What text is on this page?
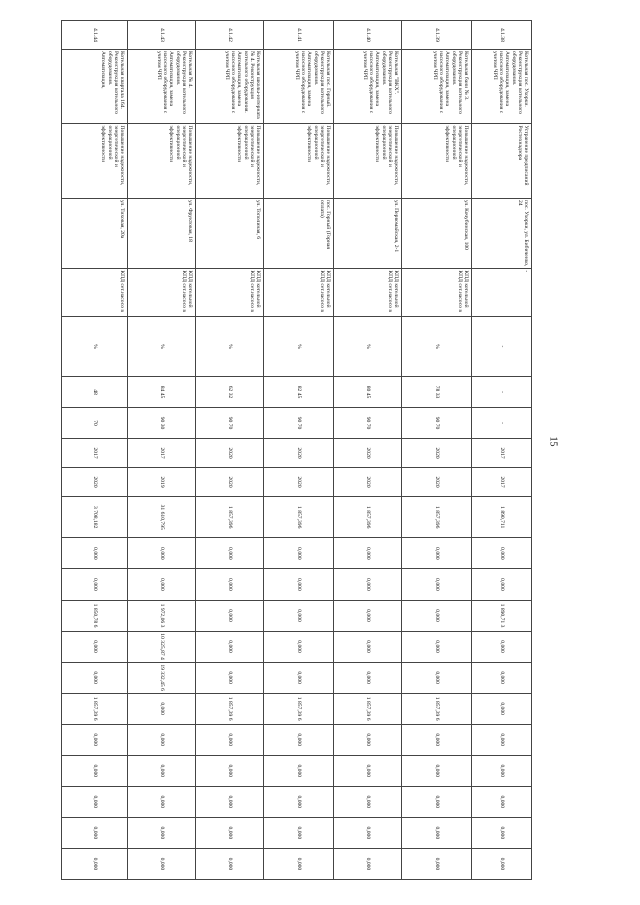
15
4.1.38	Котельная пос. Ухорки. Реконструкция котельного оборудования. Автоматизация, замена насосного оборудования с учетом ЧРП	Устранение предписаний Ростехнадзора	пос. Ухорки, ул. Бибиченко, 24	-	-	-	-	2017	2017	1 890,711	0,000	0,000	1 890,71 3	0,000	0,000	0,000	0,000	0,000	0,000	0,000	0,000
4.1.39	Котельная бани № 3. Реконструкция котельного оборудования. Автоматизация, замена насосного оборудования с учетом ЧРП	Повышение надежности, энергетической и операционной эффективности	ул. Кочубинская, 100	КПД котельной КПД сет.насосо в	%	78 33	90 70	2020	2020	1 857,396	0,000	0,000	0,000	0,000	0,000	1 857,39 6	0,000	0,000	0,000	0,000	0,000
4.1.40	Котельная "ВКХ". Реконструкция котельного оборудования. Автоматизация, замена насосного оборудования с учетом ЧРП	Повышение надежности, энергетической и операционной эффективности	ул. Первомайская, 2-1	КПД котельной КПД сет.насосо в	%	80 45	90 70	2020	2020	1 857,396	0,000	0,000	0,000	0,000	0,000	1 857,39 6	0,000	0,000	0,000	0,000	0,000
4.1.41	Котельная пос. Горный. Реконструкция котельного оборудования. Автоматизация, замена насосного оборудования с учетом ЧРП	Повышение надежности, энергетической и операционной эффективности	пос. Горный (Горная оплата)	КПД котельной КПД сет.насосо в	%	82 45	90 70	2020	2020	1 857,396	0,000	0,000	0,000	0,000	0,000	1 857,39 6	0,000	0,000	0,000	0,000	0,000
4.1.42	Котельная школы-интерната № 4. Реконструкция котельного оборудования. Автоматизация, замена насосного оборудования с учетом ЧРП	Повышение надежности, энергетической и операционной эффективности	ул. Тополиная, 6	КПД котельной КПД сет.насосо в	%	62 32	90 70	2020	2020	1 857,396	0,000	0,000	0,000	0,000	0,000	1 857,39 6	0,000	0,000	0,000	0,000	0,000
4.1.43	Котельная № 4. Реконструкция котельного оборудования. Автоматизация, замена насосного оборудования с учетом ЧРП	Повышение надежности, энергетической и операционной эффективности	ул. Фруктовая, 18	КПД котельной КПД сет.насосо в	%	84 45	90 30	2017	2019	31 610,795	0,000	0,000	1 972,06 3	10 325,87 4	19 332,45 6	0,000	0,000	0,000	0,000	0,000	0,000
4.1.44	Котельная квартала 164. Реконструкция котельного оборудования. Автоматизация,	Повышение надежности, энергетической и операционной эффективности	ул. Тиховая, 20а	КПД сет.насосо в	%	48	70	2017	2020	3 708,182	0,000	0,000	1 850,78 6	0,000	0,000	1 857,39 6	0,000	0,000	0,000	0,000	0,000
